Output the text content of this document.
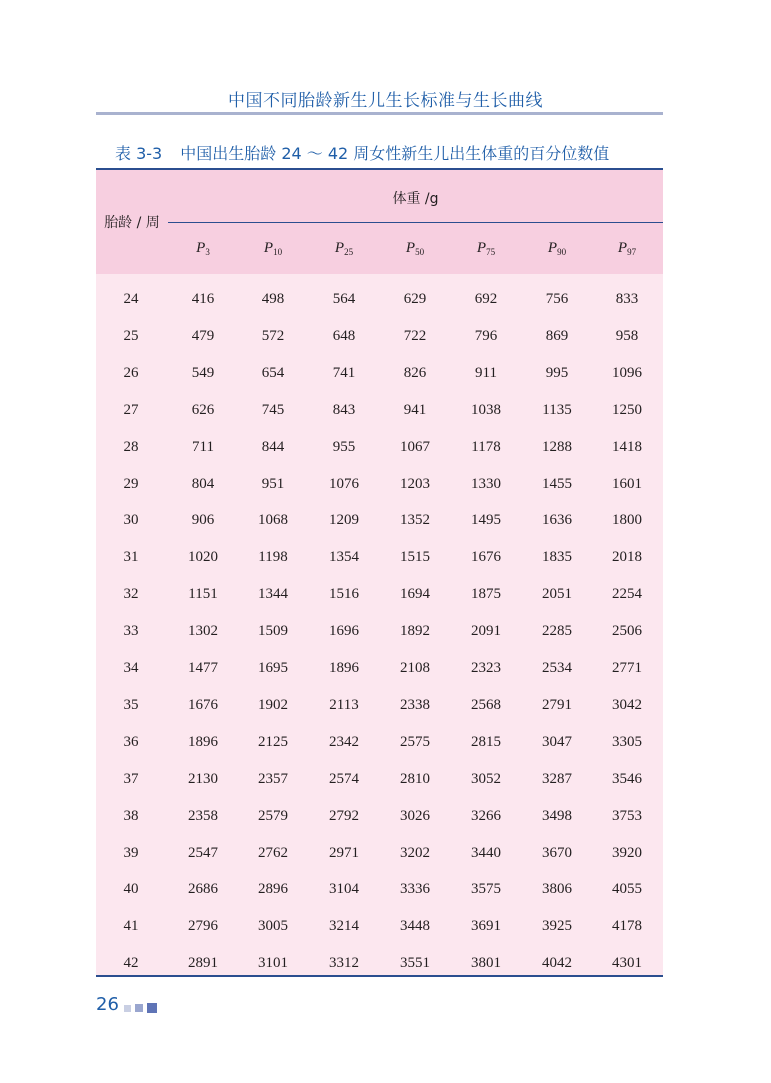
中国不同胎龄新生儿生长标准与生长曲线
表 3-3 中国出生胎龄 24 ～ 42 周女性新生儿出生体重的百分位数值
胎龄 / 周
体重 /g
$P_3$	$P_{10}$	$P_{25}$	$P_{50}$	$P_{75}$	$P_{90}$	$P_{97}$
24	416	498	564	629	692	756	833
25	479	572	648	722	796	869	958
26	549	654	741	826	911	995	1096
27	626	745	843	941	1038	1135	1250
28	711	844	955	1067	1178	1288	1418
29	804	951	1076	1203	1330	1455	1601
30	906	1068	1209	1352	1495	1636	1800
31	1020	1198	1354	1515	1676	1835	2018
32	1151	1344	1516	1694	1875	2051	2254
33	1302	1509	1696	1892	2091	2285	2506
34	1477	1695	1896	2108	2323	2534	2771
35	1676	1902	2113	2338	2568	2791	3042
36	1896	2125	2342	2575	2815	3047	3305
37	2130	2357	2574	2810	3052	3287	3546
38	2358	2579	2792	3026	3266	3498	3753
39	2547	2762	2971	3202	3440	3670	3920
40	2686	2896	3104	3336	3575	3806	4055
41	2796	3005	3214	3448	3691	3925	4178
42	2891	3101	3312	3551	3801	4042	4301
26
